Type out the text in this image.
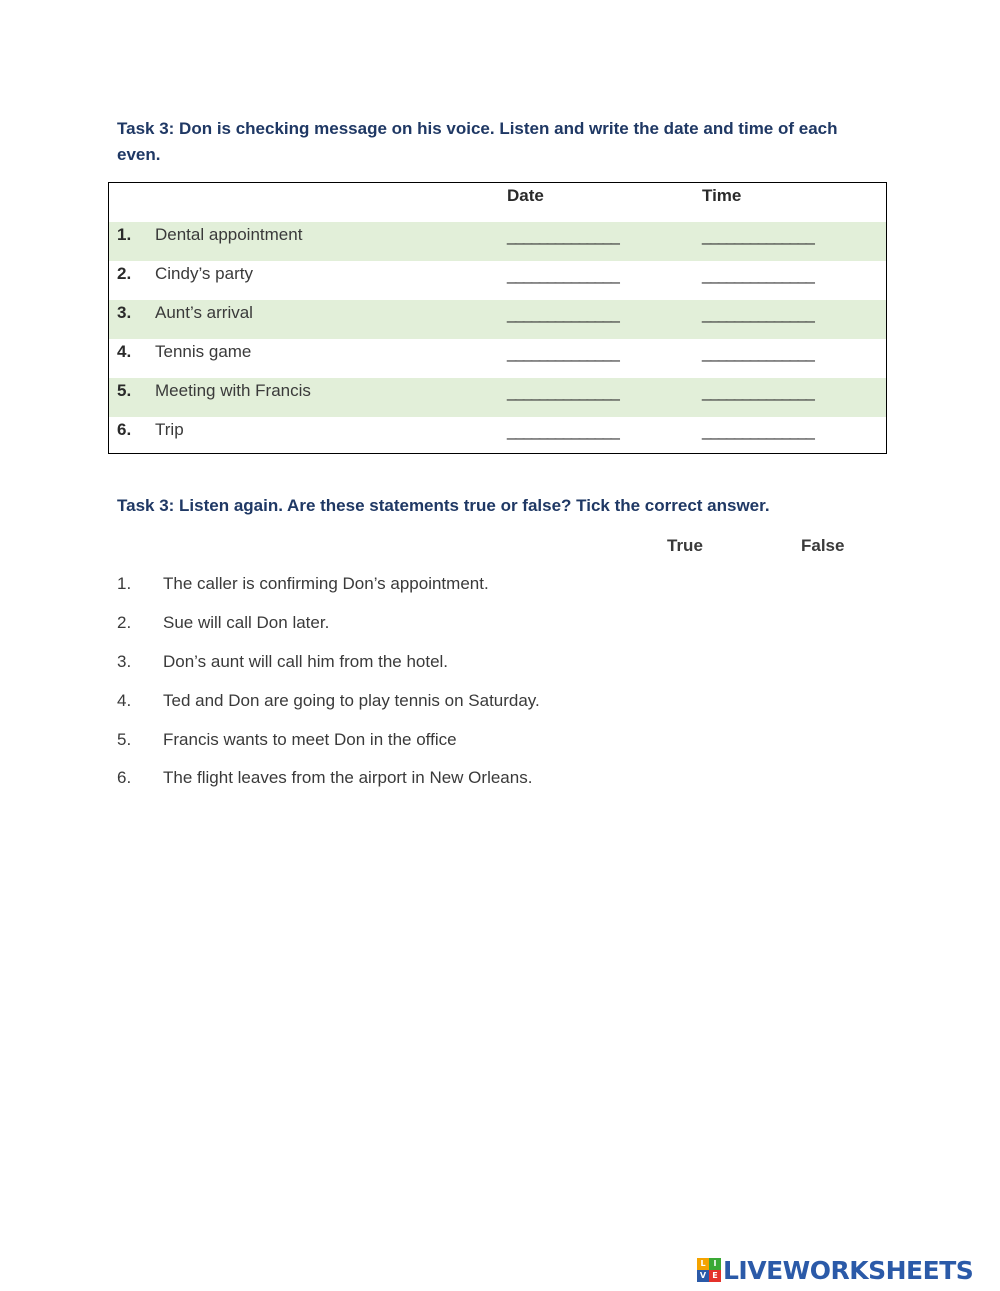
Task 3: Don is checking message on his voice. Listen and write the date and time of each even.
Date	Time
1. Dental appointment	______________	______________
2. Cindy’s party	______________	______________
3. Aunt’s arrival	______________	______________
4. Tennis game	______________	______________
5. Meeting with Francis	______________	______________
6. Trip	______________	______________
Task 3: Listen again. Are these statements true or false? Tick the correct answer.
True	False
1. The caller is confirming Don’s appointment.
2. Sue will call Don later.
3. Don’s aunt will call him from the hotel.
4. Ted and Don are going to play tennis on Saturday.
5. Francis wants to meet Don in the office
6. The flight leaves from the airport in New Orleans.
L I
V E LIVEWORKSHEETS
